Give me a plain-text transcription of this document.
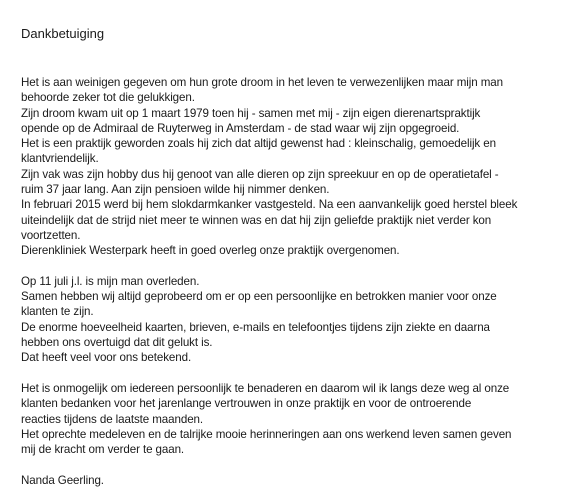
Dankbetuiging
Het is aan weinigen gegeven om hun grote droom in het leven te verwezenlijken maar mijn man
behoorde zeker tot die gelukkigen.
Zijn droom kwam uit op 1 maart 1979 toen hij - samen met mij - zijn eigen dierenartspraktijk
opende op de Admiraal de Ruyterweg in Amsterdam - de stad waar wij zijn opgegroeid.
Het is een praktijk geworden zoals hij zich dat altijd gewenst had : kleinschalig, gemoedelijk en
klantvriendelijk.
Zijn vak was zijn hobby dus hij genoot van alle dieren op zijn spreekuur en op de operatietafel -
ruim 37 jaar lang. Aan zijn pensioen wilde hij nimmer denken.
In februari 2015 werd bij hem slokdarmkanker vastgesteld. Na een aanvankelijk goed herstel bleek
uiteindelijk dat de strijd niet meer te winnen was en dat hij zijn geliefde praktijk niet verder kon
voortzetten.
Dierenkliniek Westerpark heeft in goed overleg onze praktijk overgenomen.
Op 11 juli j.l. is mijn man overleden.
Samen hebben wij altijd geprobeerd om er op een persoonlijke en betrokken manier voor onze
klanten te zijn.
De enorme hoeveelheid kaarten, brieven, e-mails en telefoontjes tijdens zijn ziekte en daarna
hebben ons overtuigd dat dit gelukt is.
Dat heeft veel voor ons betekend.
Het is onmogelijk om iedereen persoonlijk te benaderen en daarom wil ik langs deze weg al onze
klanten bedanken voor het jarenlange vertrouwen in onze praktijk en voor de ontroerende
reacties tijdens de laatste maanden.
Het oprechte medeleven en de talrijke mooie herinneringen aan ons werkend leven samen geven
mij de kracht om verder te gaan.
Nanda Geerling.
